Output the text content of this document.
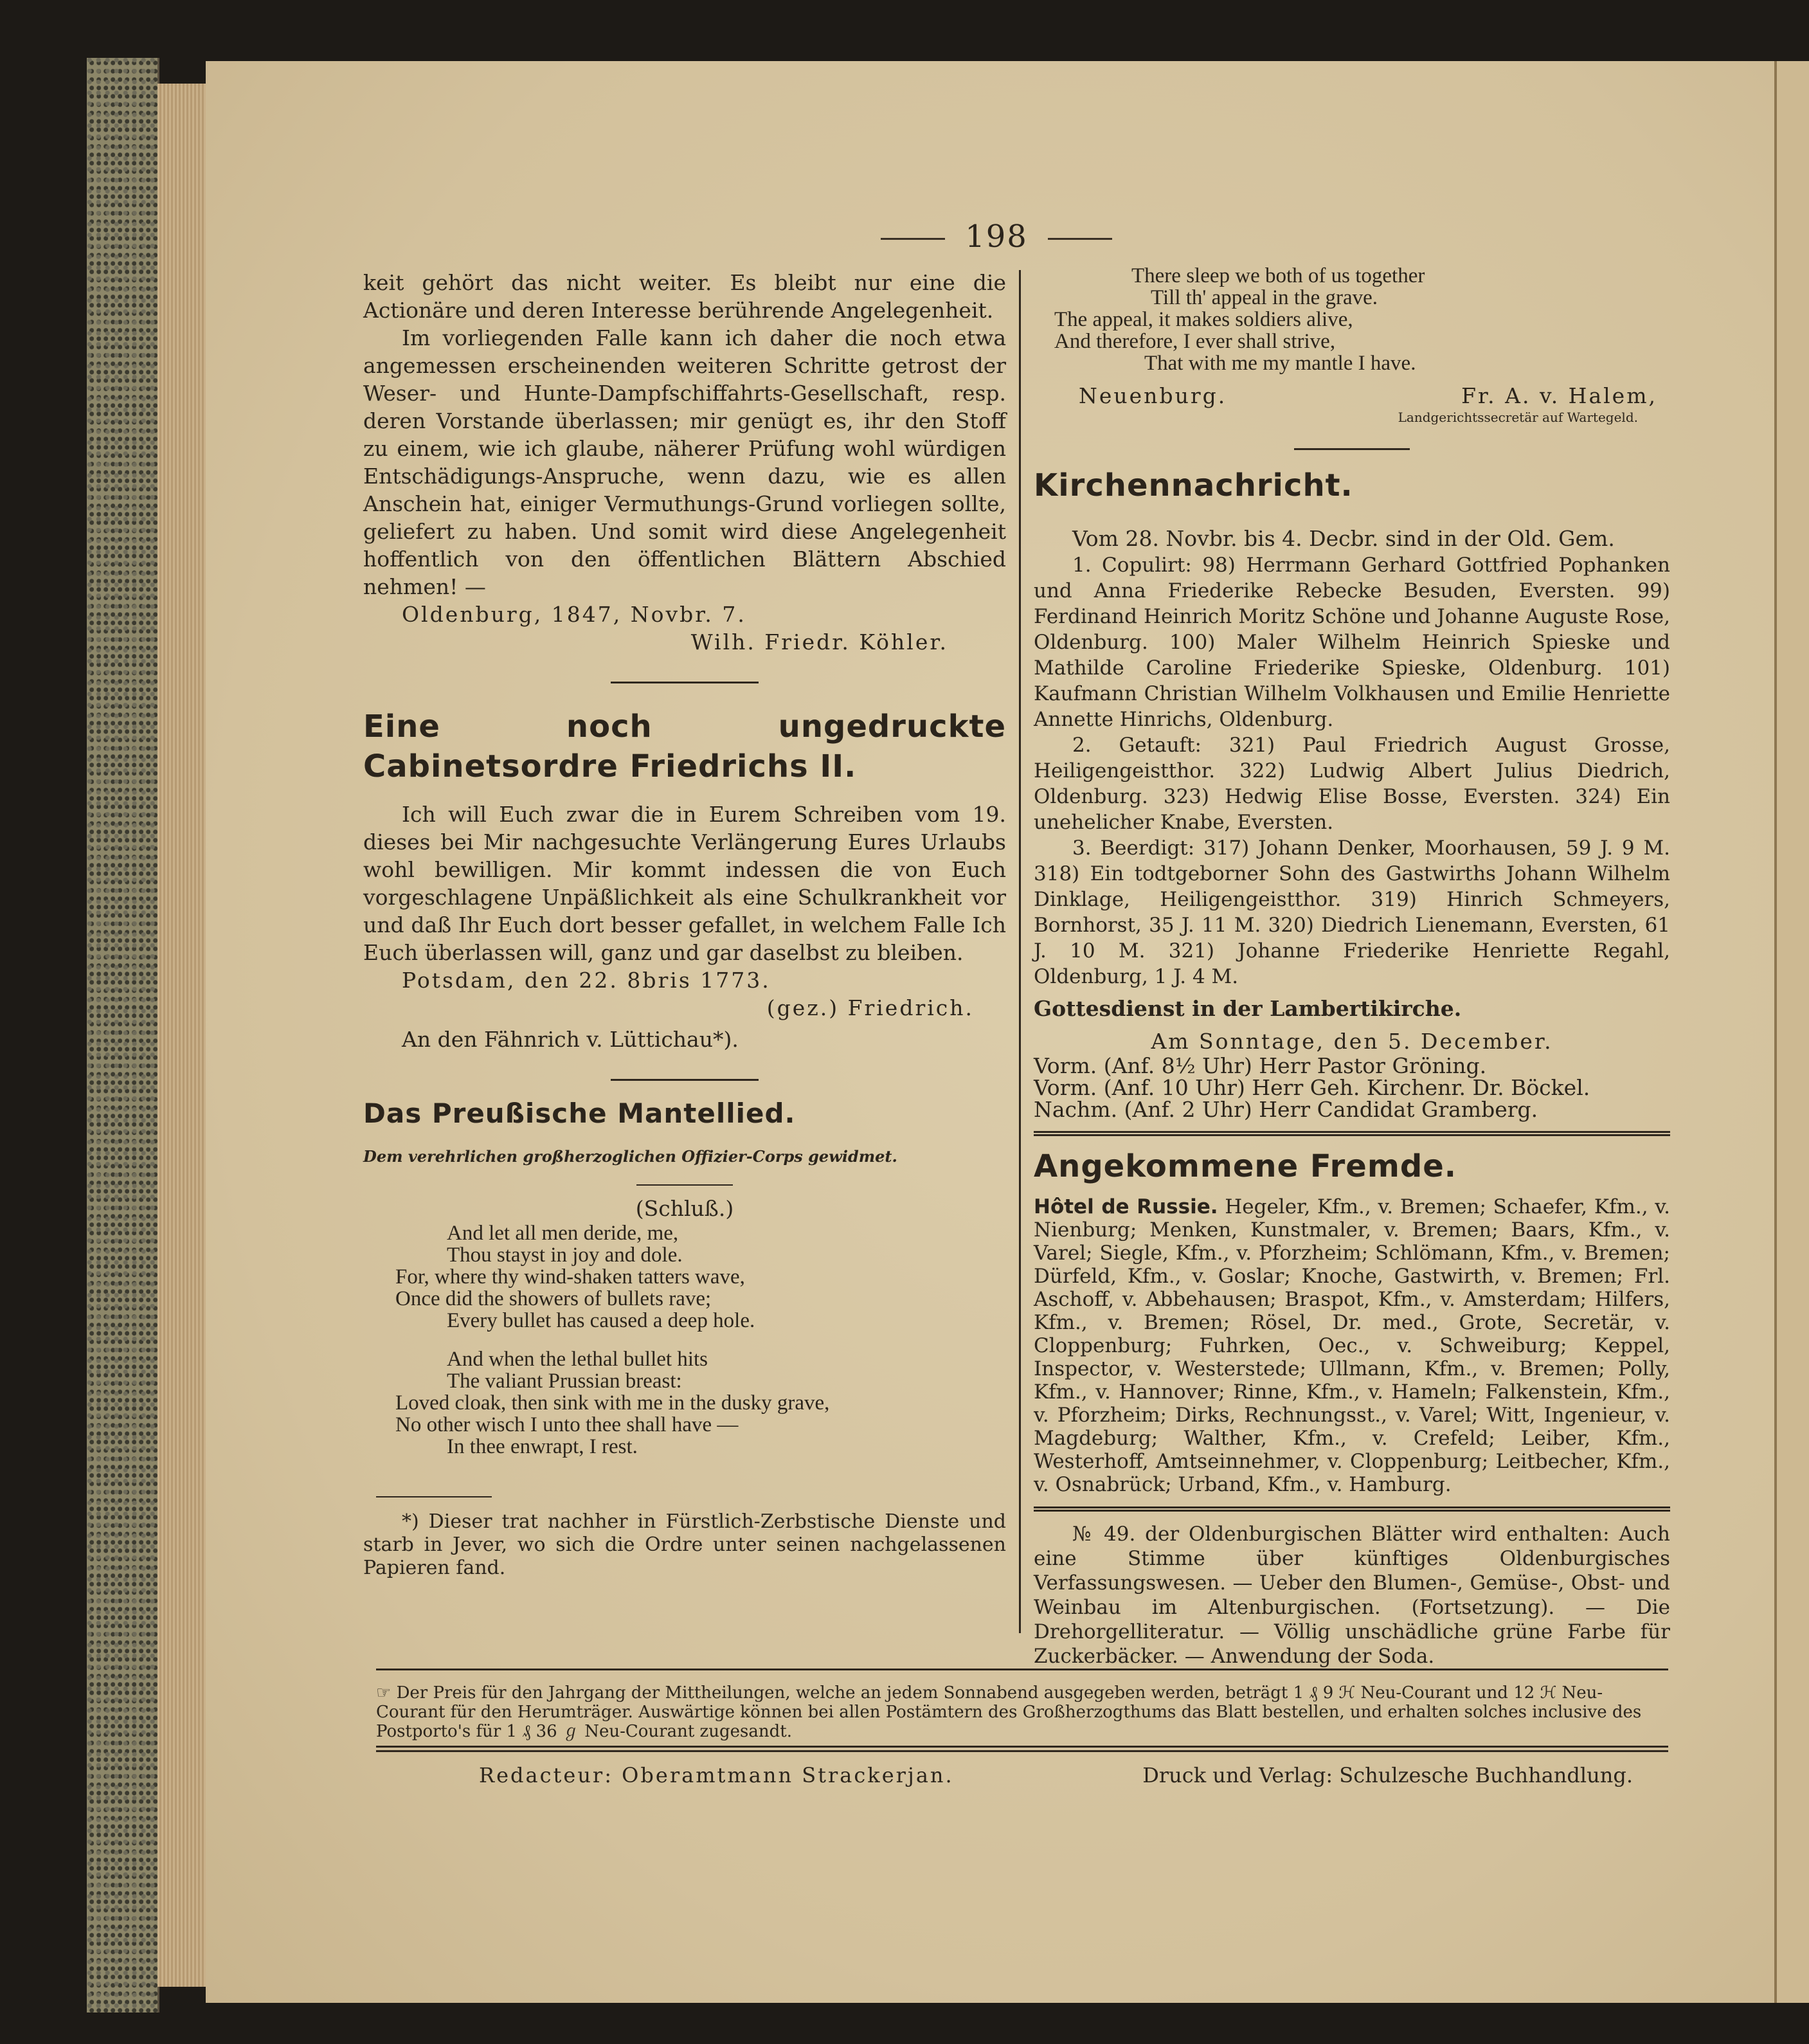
198

keit gehört das nicht weiter. Es bleibt nur eine die Actionäre und deren Interesse berührende Angelegenheit.

Im vorliegenden Falle kann ich daher die noch etwa angemessen erscheinenden weiteren Schritte getrost der Weser- und Hunte-Dampfschiffahrts-Gesellschaft, resp. deren Vorstande überlassen; mir genügt es, ihr den Stoff zu einem, wie ich glaube, näherer Prüfung wohl würdigen Entschädigungs-Anspruche, wenn dazu, wie es allen Anschein hat, einiger Vermuthungs-Grund vorliegen sollte, geliefert zu haben. Und somit wird diese Angelegenheit hoffentlich von den öffentlichen Blättern Abschied nehmen! —

Oldenburg, 1847, Novbr. 7.

Wilh. Friedr. Köhler.

Eine noch ungedruckte Cabinetsordre Friedrichs II.

Ich will Euch zwar die in Eurem Schreiben vom 19. dieses bei Mir nachgesuchte Verlängerung Eures Urlaubs wohl bewilligen. Mir kommt indessen die von Euch vorgeschlagene Unpäßlichkeit als eine Schulkrankheit vor und daß Ihr Euch dort besser gefallet, in welchem Falle Ich Euch überlassen will, ganz und gar daselbst zu bleiben.

Potsdam, den 22. 8bris 1773.

(gez.) Friedrich.

An den Fähnrich v. Lüttichau*).

Das Preußische Mantellied.

Dem verehrlichen großherzoglichen Offizier-Corps gewidmet.

(Schluß.)

And let all men deride, me,
Thou stayst in joy and dole.
For, where thy wind-shaken tatters wave,
Once did the showers of bullets rave;
Every bullet has caused a deep hole.
And when the lethal bullet hits
The valiant Prussian breast:
Loved cloak, then sink with me in the dusky grave,
No other wisch I unto thee shall have —
In thee enwrapt, I rest.

*) Dieser trat nachher in Fürstlich-Zerbstische Dienste und starb in Jever, wo sich die Ordre unter seinen nachgelassenen Papieren fand.

There sleep we both of us together
Till th' appeal in the grave.
The appeal, it makes soldiers alive,
And therefore, I ever shall strive,
That with me my mantle I have.
Neuenburg.	Fr. A. v. Halem,

Landgerichtssecretär auf Wartegeld.

Kirchennachricht.

Vom 28. Novbr. bis 4. Decbr. sind in der Old. Gem.

1. Copulirt: 98) Herrmann Gerhard Gottfried Pophanken und Anna Friederike Rebecke Besuden, Eversten. 99) Ferdinand Heinrich Moritz Schöne und Johanne Auguste Rose, Oldenburg. 100) Maler Wilhelm Heinrich Spieske und Mathilde Caroline Friederike Spieske, Oldenburg. 101) Kaufmann Christian Wilhelm Volkhausen und Emilie Henriette Annette Hinrichs, Oldenburg.

2. Getauft: 321) Paul Friedrich August Grosse, Heiligengeistthor. 322) Ludwig Albert Julius Diedrich, Oldenburg. 323) Hedwig Elise Bosse, Eversten. 324) Ein unehelicher Knabe, Eversten.

3. Beerdigt: 317) Johann Denker, Moorhausen, 59 J. 9 M. 318) Ein todtgeborner Sohn des Gastwirths Johann Wilhelm Dinklage, Heiligengeistthor. 319) Hinrich Schmeyers, Bornhorst, 35 J. 11 M. 320) Diedrich Lienemann, Eversten, 61 J. 10 M. 321) Johanne Friederike Henriette Regahl, Oldenburg, 1 J. 4 M.

Gottesdienst in der Lambertikirche.

Am Sonntage, den 5. December.

Vorm. (Anf. 8½ Uhr) Herr Pastor Gröning.

Vorm. (Anf. 10 Uhr) Herr Geh. Kirchenr. Dr. Böckel.

Nachm. (Anf. 2 Uhr) Herr Candidat Gramberg.

Angekommene Fremde.

Hôtel de Russie. Hegeler, Kfm., v. Bremen; Schaefer, Kfm., v. Nienburg; Menken, Kunstmaler, v. Bremen; Baars, Kfm., v. Varel; Siegle, Kfm., v. Pforzheim; Schlömann, Kfm., v. Bremen; Dürfeld, Kfm., v. Goslar; Knoche, Gastwirth, v. Bremen; Frl. Aschoff, v. Abbehausen; Braspot, Kfm., v. Amsterdam; Hilfers, Kfm., v. Bremen; Rösel, Dr. med., Grote, Secretär, v. Cloppenburg; Fuhrken, Oec., v. Schweiburg; Keppel, Inspector, v. Westerstede; Ullmann, Kfm., v. Bremen; Polly, Kfm., v. Hannover; Rinne, Kfm., v. Hameln; Falkenstein, Kfm., v. Pforzheim; Dirks, Rechnungsst., v. Varel; Witt, Ingenieur, v. Magdeburg; Walther, Kfm., v. Crefeld; Leiber, Kfm., Westerhoff, Amtseinnehmer, v. Cloppenburg; Leitbecher, Kfm., v. Osnabrück; Urband, Kfm., v. Hamburg.

№ 49. der Oldenburgischen Blätter wird enthalten: Auch eine Stimme über künftiges Oldenburgisches Verfassungswesen. — Ueber den Blumen-, Gemüse-, Obst- und Weinbau im Altenburgischen. (Fortsetzung). — Die Drehorgelliteratur. — Völlig unschädliche grüne Farbe für Zuckerbäcker. — Anwendung der Soda.

☞ Der Preis für den Jahrgang der Mittheilungen, welche an jedem Sonnabend ausgegeben werden, beträgt 1 ₰ 9 ℋ Neu-Courant und 12 ℋ Neu-Courant für den Herumträger. Auswärtige können bei allen Postämtern des Großherzogthums das Blatt bestellen, und erhalten solches inclusive des Postporto's für 1 ₰ 36 ℊ Neu-Courant zugesandt.
Redacteur: Oberamtmann Strackerjan.	Druck und Verlag: Schulzesche Buchhandlung.
